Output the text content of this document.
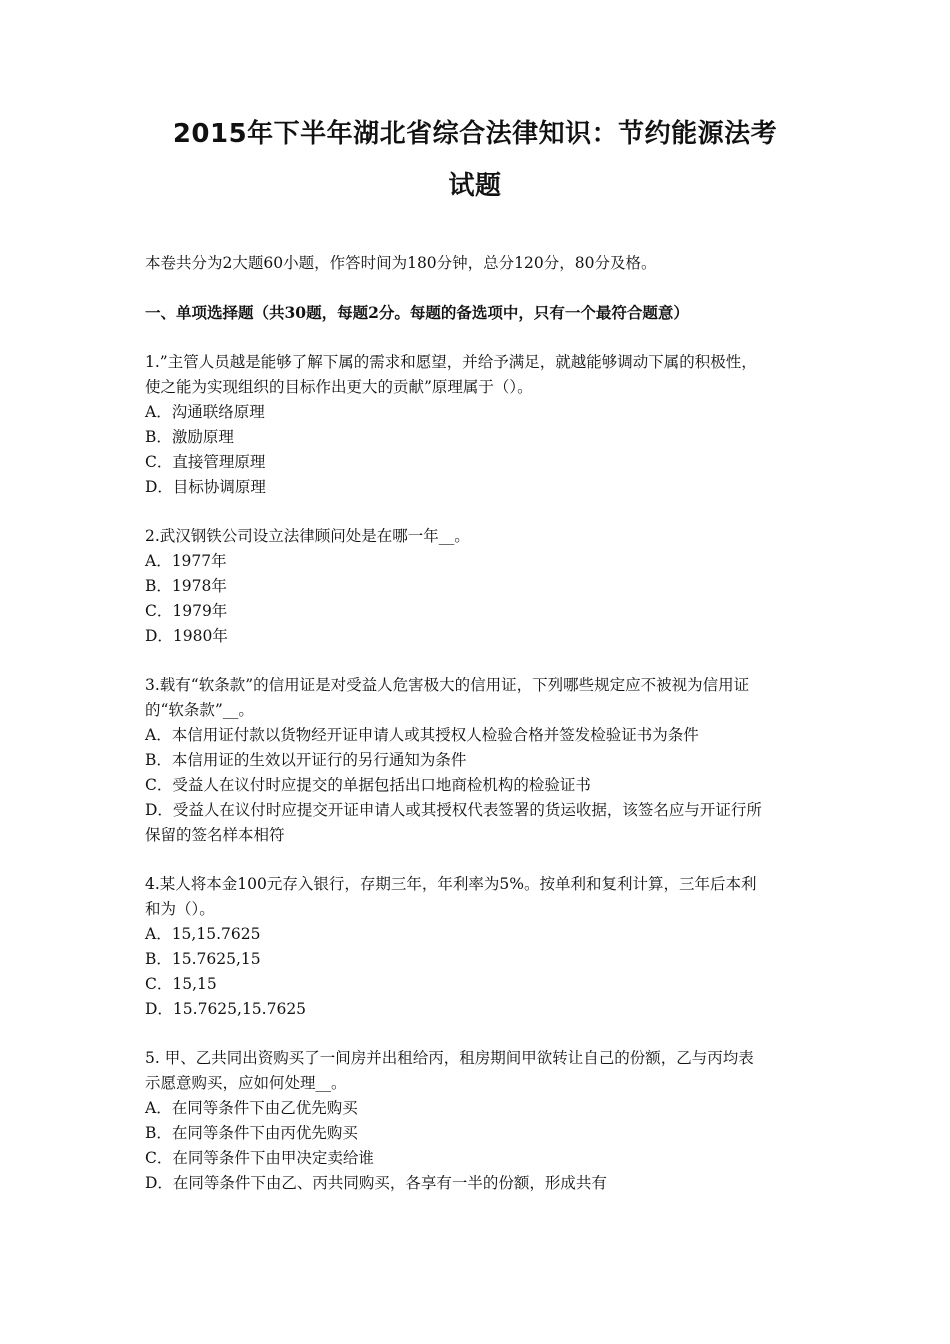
2015年下半年湖北省综合法律知识：节约能源法考
试题
本卷共分为2大题60小题，作答时间为180分钟，总分120分，80分及格。
一、单项选择题（共30题，每题2分。每题的备选项中，只有一个最符合题意）
1.”主管人员越是能够了解下属的需求和愿望，并给予满足，就越能够调动下属的积极性，
使之能为实现组织的目标作出更大的贡献”原理属于（）。
A．沟通联络原理
B．激励原理
C．直接管理原理
D．目标协调原理
2.武汉钢铁公司设立法律顾问处是在哪一年__。
A．1977年
B．1978年
C．1979年
D．1980年
3.载有“软条款”的信用证是对受益人危害极大的信用证，下列哪些规定应不被视为信用证
的“软条款”__。
A．本信用证付款以货物经开证申请人或其授权人检验合格并签发检验证书为条件
B．本信用证的生效以开证行的另行通知为条件
C．受益人在议付时应提交的单据包括出口地商检机构的检验证书
D．受益人在议付时应提交开证申请人或其授权代表签署的货运收据，该签名应与开证行所
保留的签名样本相符
4.某人将本金100元存入银行，存期三年，年利率为5%。按单利和复利计算，三年后本利
和为（）。
A．15,15.7625
B．15.7625,15
C．15,15
D．15.7625,15.7625
5. 甲、乙共同出资购买了一间房并出租给丙，租房期间甲欲转让自己的份额，乙与丙均表
示愿意购买，应如何处理__。
A．在同等条件下由乙优先购买
B．在同等条件下由丙优先购买
C．在同等条件下由甲决定卖给谁
D．在同等条件下由乙、丙共同购买，各享有一半的份额，形成共有
